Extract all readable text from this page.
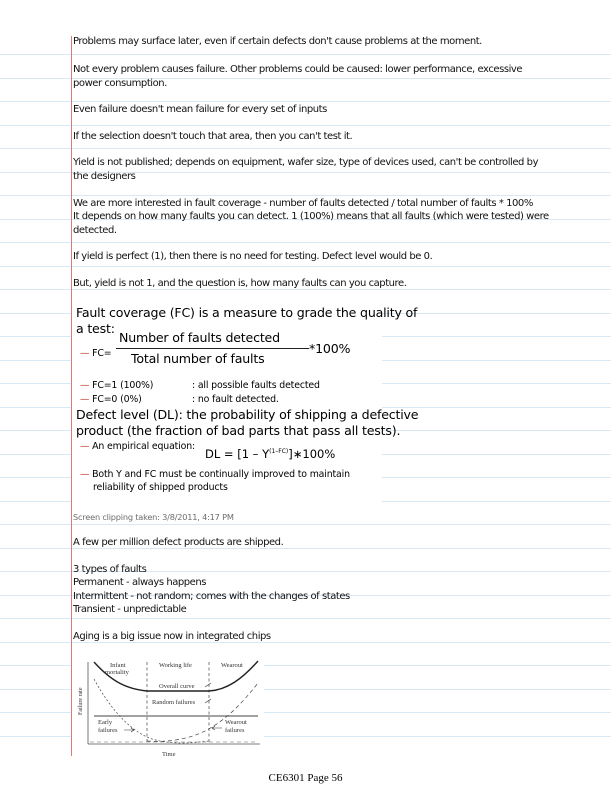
Problems may surface later, even if certain defects don't cause problems at the moment.
Not every problem causes failure. Other problems could be caused: lower performance, excessive
power consumption.
Even failure doesn't mean failure for every set of inputs
If the selection doesn't touch that area, then you can't test it.
Yield is not published; depends on equipment, wafer size, type of devices used, can't be controlled by
the designers
We are more interested in fault coverage - number of faults detected / total number of faults * 100%
It depends on how many faults you can detect. 1 (100%) means that all faults (which were tested) were
detected.
If yield is perfect (1), then there is no need for testing. Defect level would be 0.
But, yield is not 1, and the question is, how many faults can you capture.
Fault coverage (FC) is a measure to grade the quality of
a test:
— FC=
Number of faults detected
Total number of faults
*100%
— FC=1 (100%)	: all possible faults detected
— FC=0 (0%)	: no fault detected.
Defect level (DL): the probability of shipping a defective
product (the fraction of bad parts that pass all tests).
— An empirical equation:
DL = $[1 - Y^{(1-FC)}]∗100\%$
— Both Y and FC must be continually improved to maintain
reliability of shipped products
Screen clipping taken: 3/8/2011, 4:17 PM
A few per million defect products are shipped.
3 types of faults
Permanent - always happens
Intermittent - not random; comes with the changes of states
Transient - unpredictable
Aging is a big issue now in integrated chips
Infant
mortality
Working life	Wearout
Overall curve
Random failures
Early
failures
Wearout
failures
Time
Failure rate
CE6301 Page 56
